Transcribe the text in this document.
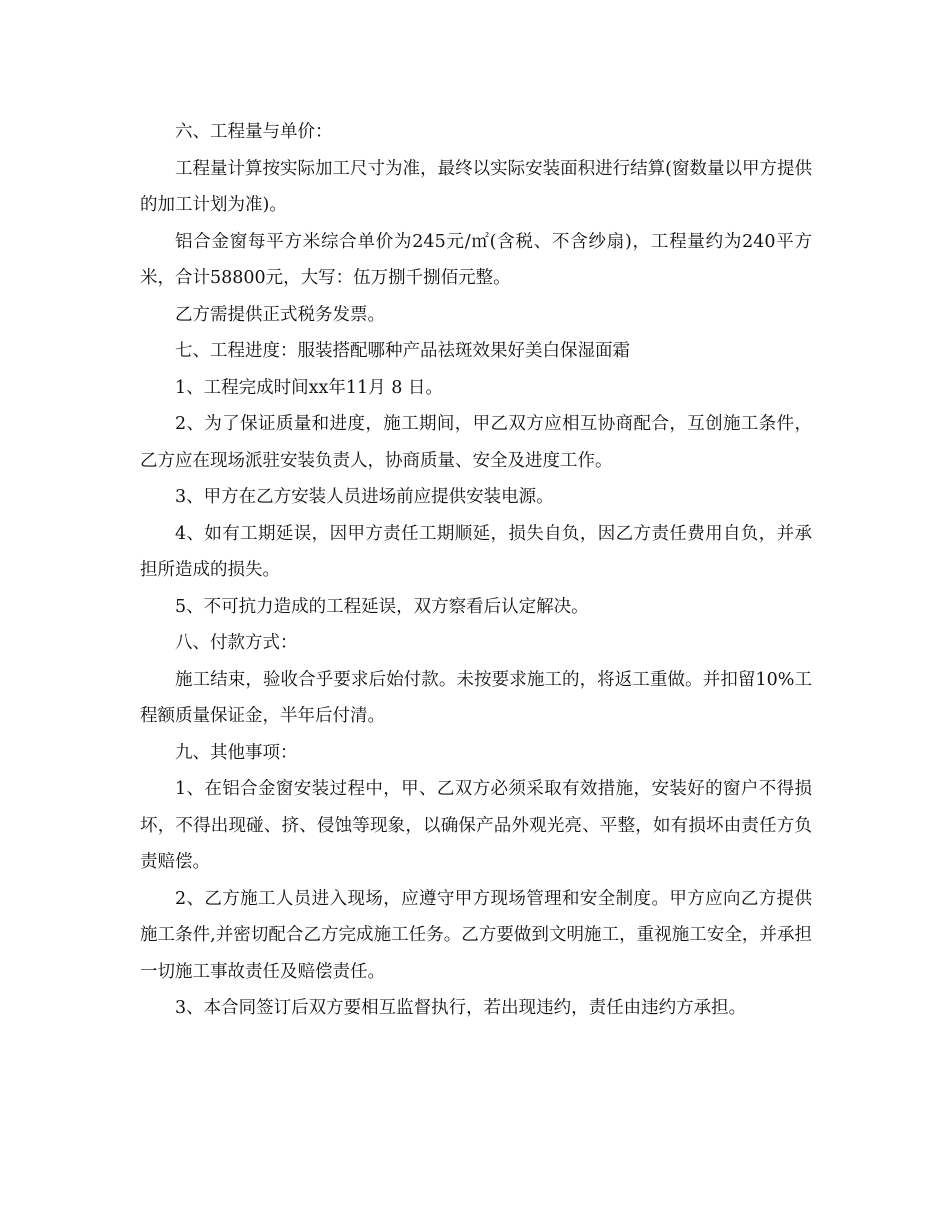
六、工程量与单价：

工程量计算按实际加工尺寸为准，最终以实际安装面积进行结算(窗数量以甲方提供的加工计划为准)。

铝合金窗每平方米综合单价为245元/㎡(含税、不含纱扇)，工程量约为240平方米，合计58800元，大写：伍万捌千捌佰元整。

乙方需提供正式税务发票。

七、工程进度：服装搭配哪种产品祛斑效果好美白保湿面霜

1、工程完成时间xx年11月 8 日。

2、为了保证质量和进度，施工期间，甲乙双方应相互协商配合，互创施工条件，乙方应在现场派驻安装负责人，协商质量、安全及进度工作。

3、甲方在乙方安装人员进场前应提供安装电源。

4、如有工期延误，因甲方责任工期顺延，损失自负，因乙方责任费用自负，并承担所造成的损失。

5、不可抗力造成的工程延误，双方察看后认定解决。

八、付款方式：

施工结束，验收合乎要求后始付款。未按要求施工的，将返工重做。并扣留10%工程额质量保证金，半年后付清。

九、其他事项：

1、在铝合金窗安装过程中，甲、乙双方必须采取有效措施，安装好的窗户不得损坏，不得出现碰、挤、侵蚀等现象，以确保产品外观光亮、平整，如有损坏由责任方负责赔偿。

2、乙方施工人员进入现场，应遵守甲方现场管理和安全制度。甲方应向乙方提供施工条件,并密切配合乙方完成施工任务。乙方要做到文明施工，重视施工安全，并承担一切施工事故责任及赔偿责任。

3、本合同签订后双方要相互监督执行，若出现违约，责任由违约方承担。
